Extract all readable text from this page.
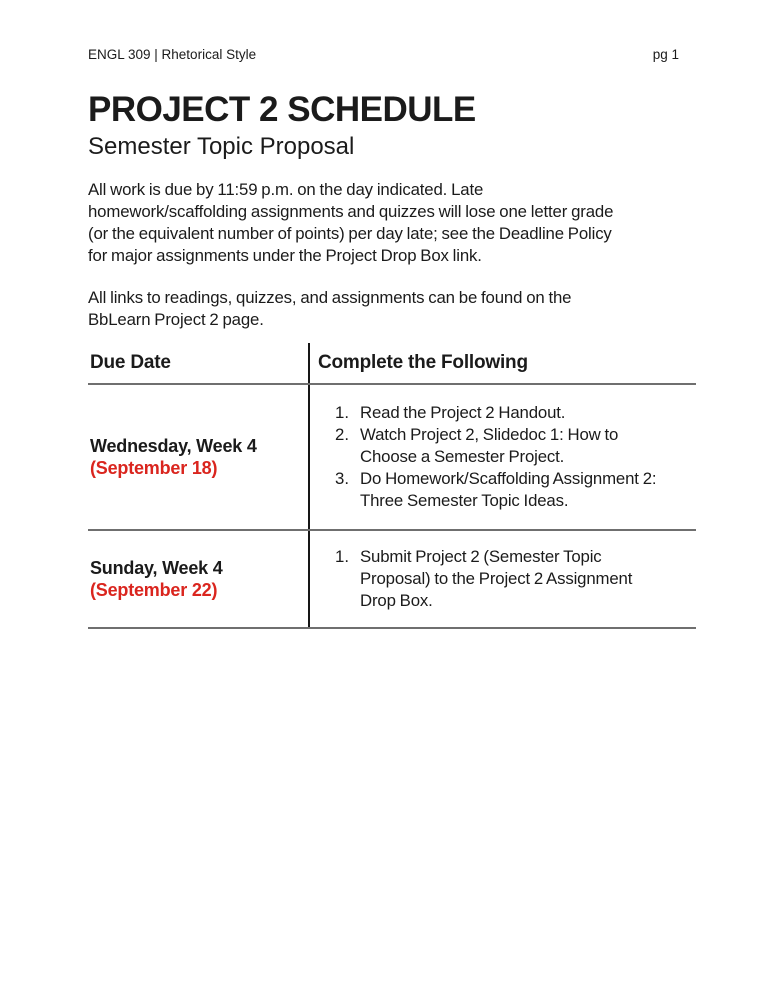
ENGL 309 | Rhetorical Style	pg 1
PROJECT 2 SCHEDULE
Semester Topic Proposal
All work is due by 11:59 p.m. on the day indicated. Late
homework/scaffolding assignments and quizzes will lose one letter grade
(or the equivalent number of points) per day late; see the Deadline Policy
for major assignments under the Project Drop Box link.
All links to readings, quizzes, and assignments can be found on the
BbLearn Project 2 page.
Due Date	Complete the Following

Wednesday, Week 4
(September 18)

1. Read the Project 2 Handout.
2. Watch Project 2, Slidedoc 1: How to
Choose a Semester Project.
3. Do Homework/Scaffolding Assignment 2:
Three Semester Topic Ideas.

Sunday, Week 4
(September 22)

1. Submit Project 2 (Semester Topic
Proposal) to the Project 2 Assignment
Drop Box.
